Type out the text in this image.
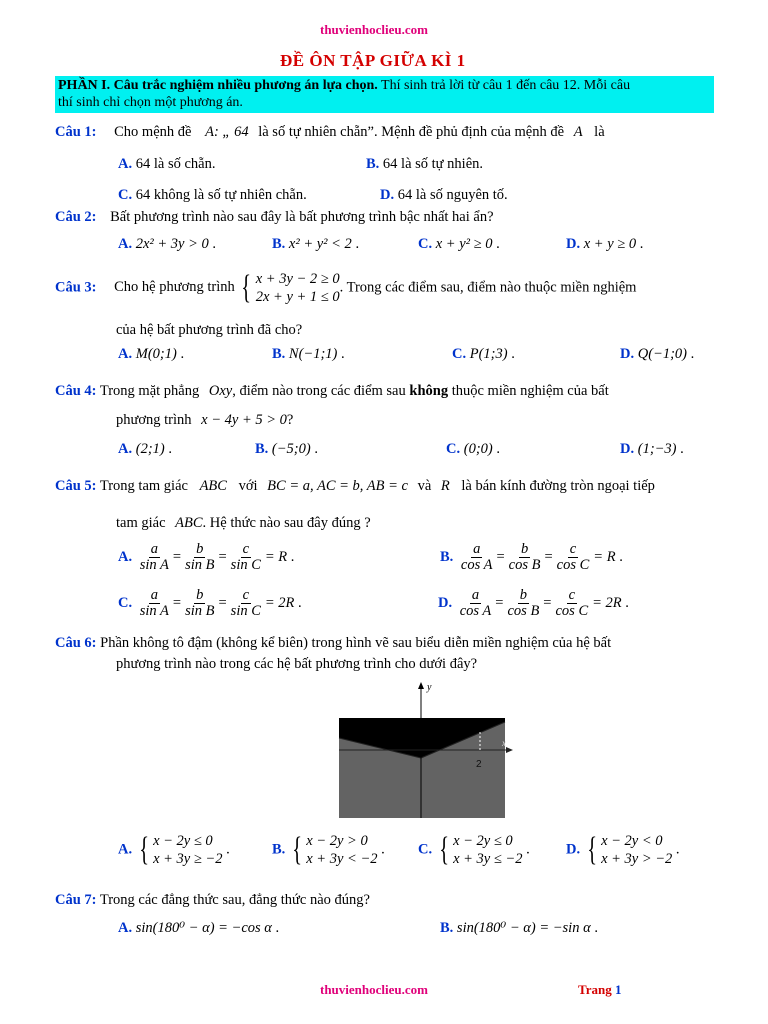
thuvienhoclieu.com
ĐỀ ÔN TẬP GIỮA KÌ 1
PHẦN I. Câu trắc nghiệm nhiều phương án lựa chọn. Thí sinh trả lời từ câu 1 đến câu 12. Mỗi câu
thí sinh chỉ chọn một phương án.
Câu 1: Cho mệnh đề A: „ 64 là số tự nhiên chẵn”. Mệnh đề phủ định của mệnh đề A là
A. 64 là số chẵn.	B. 64 là số tự nhiên.
C. 64 không là số tự nhiên chẵn.	D. 64 là số nguyên tố.
Câu 2: Bất phương trình nào sau đây là bất phương trình bậc nhất hai ẩn?
A. 2x² + 3y > 0 .	B. x² + y² < 2 .	C. x + y² ≥ 0 .	D. x + y ≥ 0 .
Câu 3: Cho hệ phương trình { x + 3y − 2 ≥ 0
2x + y + 1 ≤ 0
. Trong các điểm sau, điểm nào thuộc miền nghiệm
của hệ bất phương trình đã cho?
A. M(0;1) .	B. N(−1;1) .	C. P(1;3) .	D. Q(−1;0) .
Câu 4: Trong mặt phẳng Oxy, điểm nào trong các điểm sau không thuộc miền nghiệm của bất
phương trình x − 4y + 5 > 0?
A. (2;1) .	B. (−5;0) .	C. (0;0) .	D. (1;−3) .
Câu 5: Trong tam giác ABC với BC = a, AC = b, AB = c và R là bán kính đường tròn ngoại tiếp
tam giác ABC. Hệ thức nào sau đây đúng ?
A. $\frac{a}{\text{sin A}} = \frac{b}{\text{sin B}} = \frac{c}{\text{sin C}} = R$ .	B. $\frac{a}{\text{cos A}} = \frac{b}{\text{cos B}} = \frac{c}{\text{cos C}} = R$ .
C. $\frac{a}{\text{sin A}} = \frac{b}{\text{sin B}} = \frac{c}{\text{sin C}} = 2R$ .	D. $\frac{a}{\text{cos A}} = \frac{b}{\text{cos B}} = \frac{c}{\text{cos C}} = 2R$ .
Câu 6: Phần không tô đậm (không kể biên) trong hình vẽ sau biểu diễn miền nghiệm của hệ bất
phương trình nào trong các hệ bất phương trình cho dưới đây?
y
x
2
A. { x − 2y ≤ 0
x + 3y ≥ −2
.	B. { x − 2y > 0
x + 3y < −2
. C. { x − 2y ≤ 0
x + 3y ≤ −2
.	D. { x − 2y < 0
x + 3y > −2
.
Câu 7: Trong các đẳng thức sau, đẳng thức nào đúng?
A. sin(180⁰ − α) = −cos α .	B. sin(180⁰ − α) = −sin α .
thuvienhoclieu.com	Trang 1
